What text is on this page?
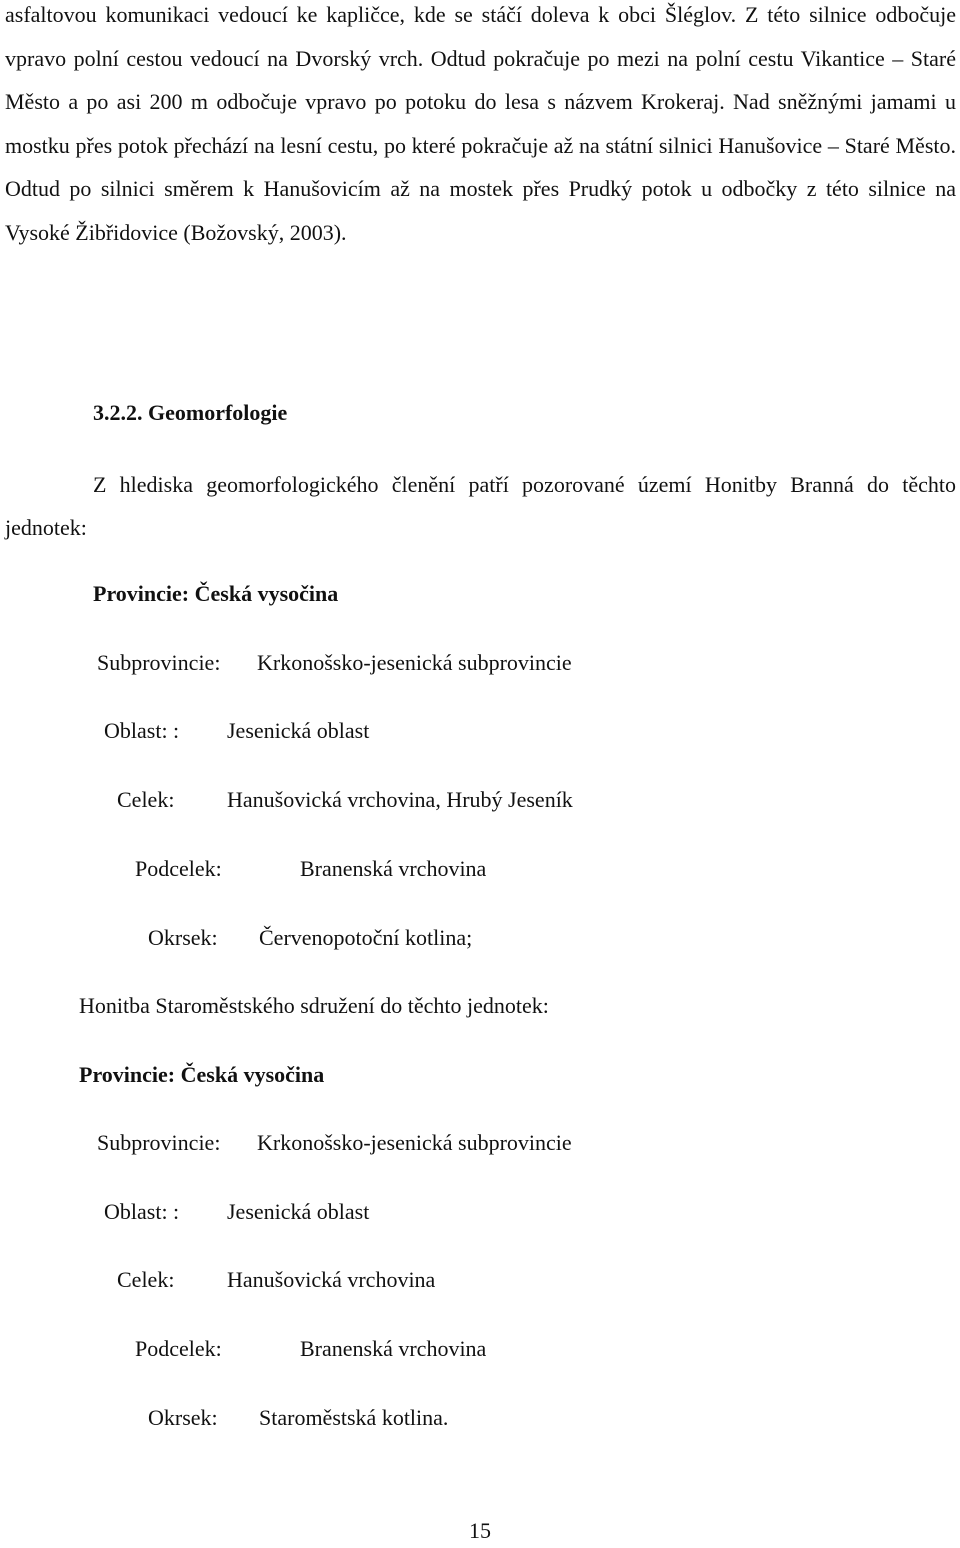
asfaltovou komunikaci vedoucí ke kapličce, kde se stáčí doleva k obci Šléglov. Z této silnice odbočuje vpravo polní cestou vedoucí na Dvorský vrch. Odtud pokračuje po mezi na polní cestu Vikantice – Staré Město a po asi 200 m odbočuje vpravo po potoku do lesa s názvem Krokeraj. Nad sněžnými jamami u mostku přes potok přechází na lesní cestu, po které pokračuje až na státní silnici Hanušovice – Staré Město. Odtud po silnici směrem k Hanušovicím až na mostek přes Prudký potok u odbočky z této silnice na Vysoké Žibřidovice (Božovský, 2003).

3.2.2. Geomorfologie

Z hlediska geomorfologického členění patří pozorované území Honitby Branná do těchto jednotek:

Provincie: Česká vysočina

Subprovincie: Krkonošsko-jesenická subprovincie

Oblast: : Jesenická oblast

Celek: Hanušovická vrchovina, Hrubý Jeseník

Podcelek:	Branenská vrchovina

Okrsek: Červenopotoční kotlina;

Honitba Staroměstského sdružení do těchto jednotek:

Provincie: Česká vysočina

Subprovincie: Krkonošsko-jesenická subprovincie

Oblast: : Jesenická oblast

Celek: Hanušovická vrchovina

Podcelek:	Branenská vrchovina

Okrsek: Staroměstská kotlina.

15
